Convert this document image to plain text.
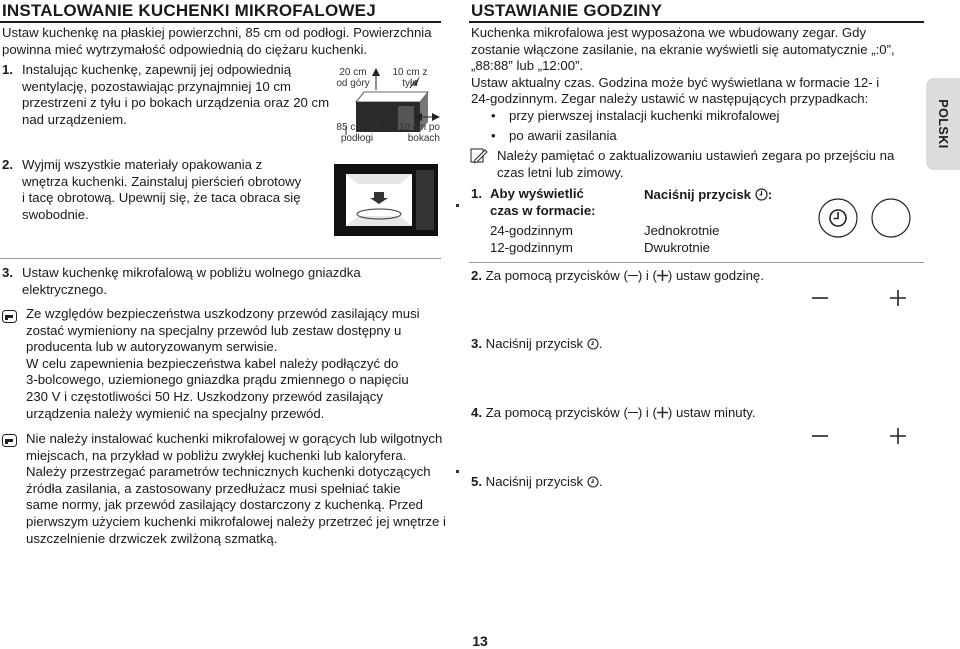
INSTALOWANIE KUCHENKI MIKROFALOWEJ
Ustaw kuchenkę na płaskiej powierzchni, 85 cm od podłogi. Powierzchnia
powinna mieć wytrzymałość odpowiednią do ciężaru kuchenki.
1. Instalując kuchenkę, zapewnij jej odpowiednią
wentylację, pozostawiając przynajmniej 10 cm
przestrzeni z tyłu i po bokach urządzenia oraz 20 cm
nad urządzeniem.
2. Wyjmij wszystkie materiały opakowania z
wnętrza kuchenki. Zainstaluj pierścień obrotowy
i tacę obrotową. Upewnij się, że taca obraca się
swobodnie.
20 cm
od góry
10 cm z
tyłu
85 cm od
podłogi
10 cm po
bokach
3. Ustaw kuchenkę mikrofalową w pobliżu wolnego gniazdka
elektrycznego.
Ze względów bezpieczeństwa uszkodzony przewód zasilający musi
zostać wymieniony na specjalny przewód lub zestaw dostępny u
producenta lub w autoryzowanym serwisie.
W celu zapewnienia bezpieczeństwa kabel należy podłączyć do
3-bolcowego, uziemionego gniazdka prądu zmiennego o napięciu
230 V i częstotliwości 50 Hz. Uszkodzony przewód zasilający
urządzenia należy wymienić na specjalny przewód.
Nie należy instalować kuchenki mikrofalowej w gorących lub wilgotnych
miejscach, na przykład w pobliżu zwykłej kuchenki lub kaloryfera.
Należy przestrzegać parametrów technicznych kuchenki dotyczących
źródła zasilania, a zastosowany przedłużacz musi spełniać takie
same normy, jak przewód zasilający dostarczony z kuchenką. Przed
pierwszym użyciem kuchenki mikrofalowej należy przetrzeć jej wnętrze i
uszczelnienie drzwiczek zwilżoną szmatką.
USTAWIANIE GODZINY
Kuchenka mikrofalowa jest wyposażona we wbudowany zegar. Gdy
zostanie włączone zasilanie, na ekranie wyświetli się automatycznie „:0”,
„88:88” lub „12:00”.
Ustaw aktualny czas. Godzina może być wyświetlana w formacie 12- i
24-godzinnym. Zegar należy ustawić w następujących przypadkach:
• przy pierwszej instalacji kuchenki mikrofalowej
• po awarii zasilania
Należy pamiętać o zaktualizowaniu ustawień zegara po przejściu na
czas letni lub zimowy.
1. Aby wyświetlić
czas w formacie:
Naciśnij przycisk :
24-godzinnym	Jednokrotnie
12-godzinnym	Dwukrotnie
2. Za pomocą przycisków ( ) i ( ) ustaw godzinę.
3. Naciśnij przycisk .
4. Za pomocą przycisków ( ) i ( ) ustaw minuty.
5. Naciśnij przycisk .
POLSKI
13
